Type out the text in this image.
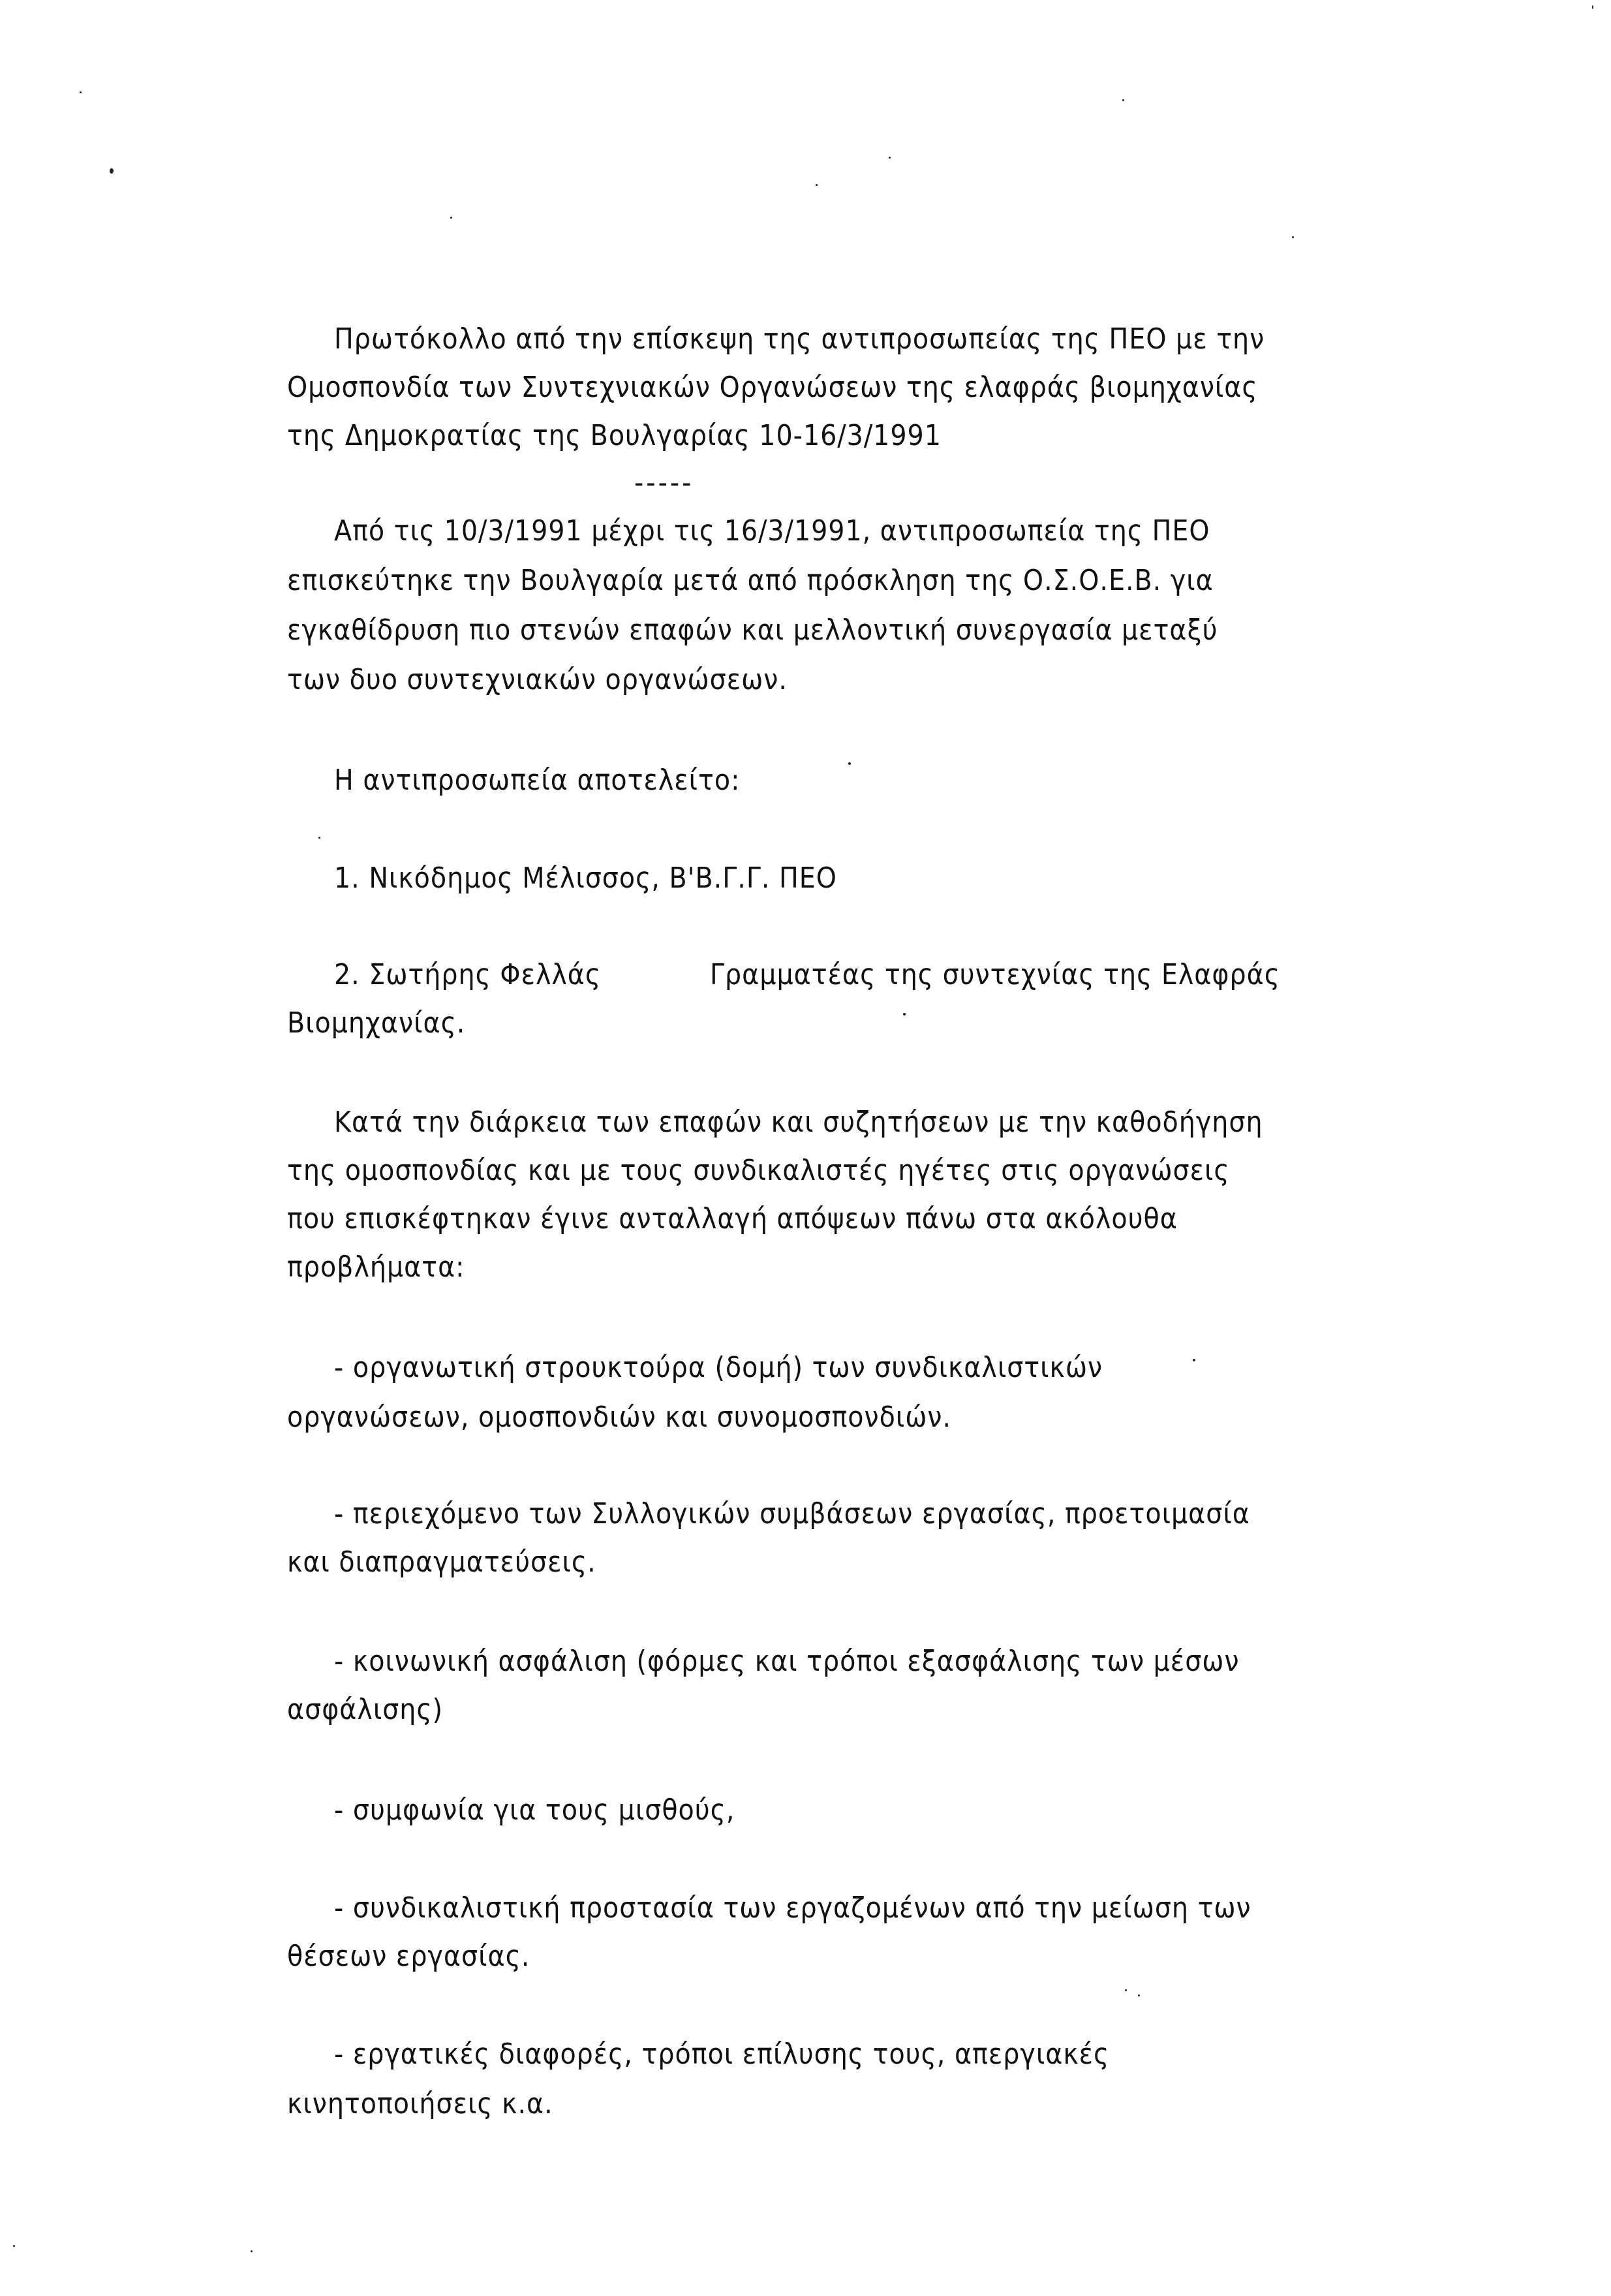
Πρωτόκολλο από την επίσκεψη της αντιπροσωπείας της ΠΕΟ με την
Ομοσπονδία των Συντεχνιακών Οργανώσεων της ελαφράς βιομηχανίας
της Δημοκρατίας της Βουλγαρίας 10-16/3/1991
-----
Από τις 10/3/1991 μέχρι τις 16/3/1991, αντιπροσωπεία της ΠΕΟ
επισκεύτηκε την Βουλγαρία μετά από πρόσκληση της Ο.Σ.Ο.Ε.Β. για
εγκαθίδρυση πιο στενών επαφών και μελλοντική συνεργασία μεταξύ
των δυο συντεχνιακών οργανώσεων.
Η αντιπροσωπεία αποτελείτο:
1. Νικόδημος Μέλισσος, Β'Β.Γ.Γ. ΠΕΟ
2. Σωτήρης Φελλάς	Γραμματέας της συντεχνίας της Ελαφράς
Βιομηχανίας.
Κατά την διάρκεια των επαφών και συζητήσεων με την καθοδήγηση
της ομοσπονδίας και με τους συνδικαλιστές ηγέτες στις οργανώσεις
που επισκέφτηκαν έγινε ανταλλαγή απόψεων πάνω στα ακόλουθα
προβλήματα:
- οργανωτική στρουκτούρα (δομή) των συνδικαλιστικών
οργανώσεων, ομοσπονδιών και συνομοσπονδιών.
- περιεχόμενο των Συλλογικών συμβάσεων εργασίας, προετοιμασία
και διαπραγματεύσεις.
- κοινωνική ασφάλιση (φόρμες και τρόποι εξασφάλισης των μέσων
ασφάλισης)
- συμφωνία για τους μισθούς,
- συνδικαλιστική προστασία των εργαζομένων από την μείωση των
θέσεων εργασίας.
- εργατικές διαφορές, τρόποι επίλυσης τους, απεργιακές
κινητοποιήσεις κ.α.
